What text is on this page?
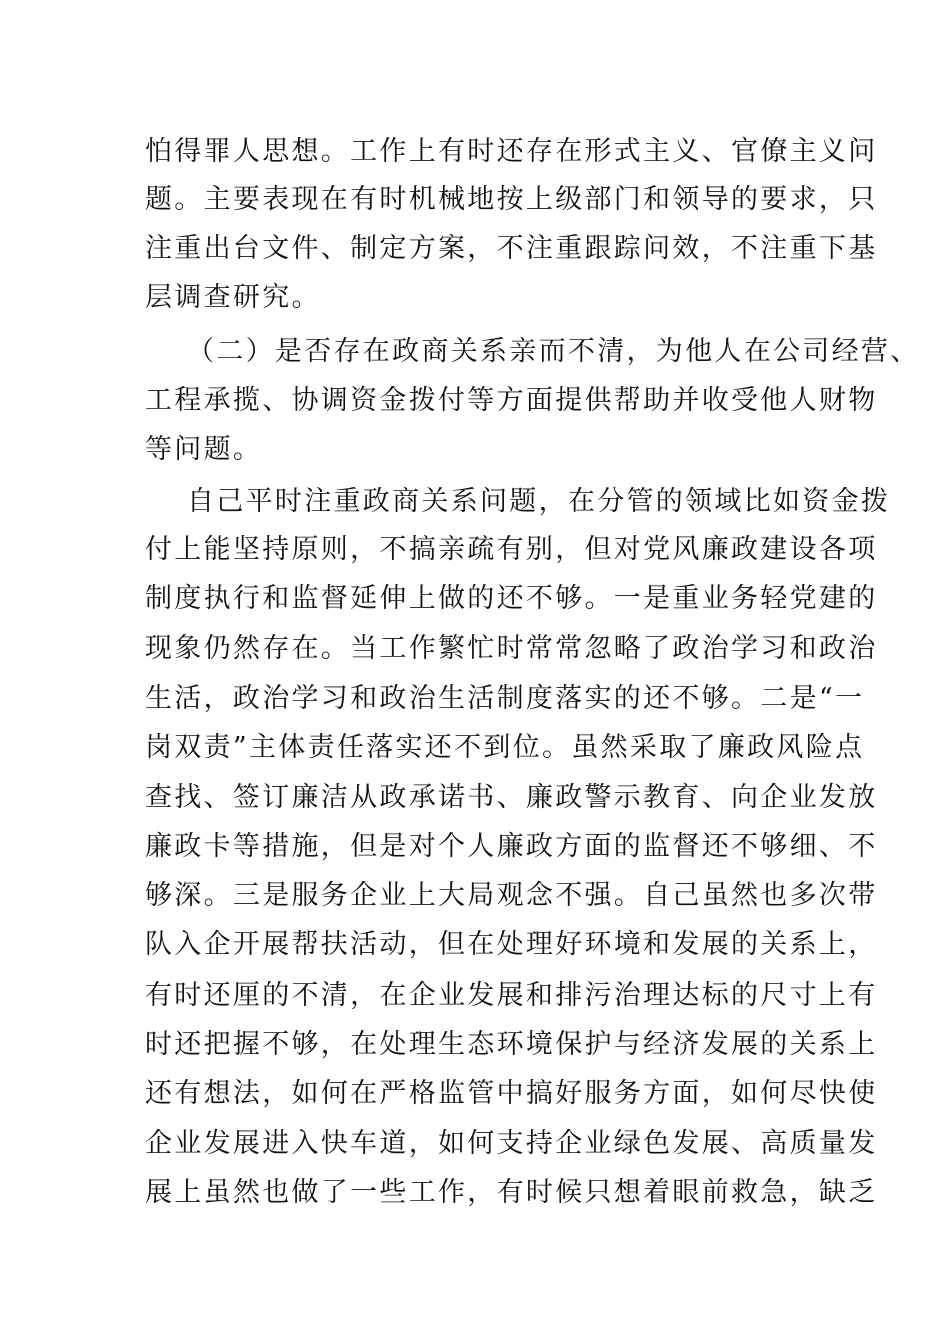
怕得罪人思想。工作上有时还存在形式主义、官僚主义问
题。主要表现在有时机械地按上级部门和领导的要求，只
注重出台文件、制定方案，不注重跟踪问效，不注重下基
层调查研究。
（二）是否存在政商关系亲而不清，为他人在公司经营、
工程承揽、协调资金拨付等方面提供帮助并收受他人财物
等问题。
自己平时注重政商关系问题，在分管的领域比如资金拨
付上能坚持原则，不搞亲疏有别，但对党风廉政建设各项
制度执行和监督延伸上做的还不够。一是重业务轻党建的
现象仍然存在。当工作繁忙时常常忽略了政治学习和政治
生活，政治学习和政治生活制度落实的还不够。二是“一
岗双责”主体责任落实还不到位。虽然采取了廉政风险点
查找、签订廉洁从政承诺书、廉政警示教育、向企业发放
廉政卡等措施，但是对个人廉政方面的监督还不够细、不
够深。三是服务企业上大局观念不强。自己虽然也多次带
队入企开展帮扶活动，但在处理好环境和发展的关系上，
有时还厘的不清，在企业发展和排污治理达标的尺寸上有
时还把握不够，在处理生态环境保护与经济发展的关系上
还有想法，如何在严格监管中搞好服务方面，如何尽快使
企业发展进入快车道，如何支持企业绿色发展、高质量发
展上虽然也做了一些工作，有时候只想着眼前救急，缺乏
